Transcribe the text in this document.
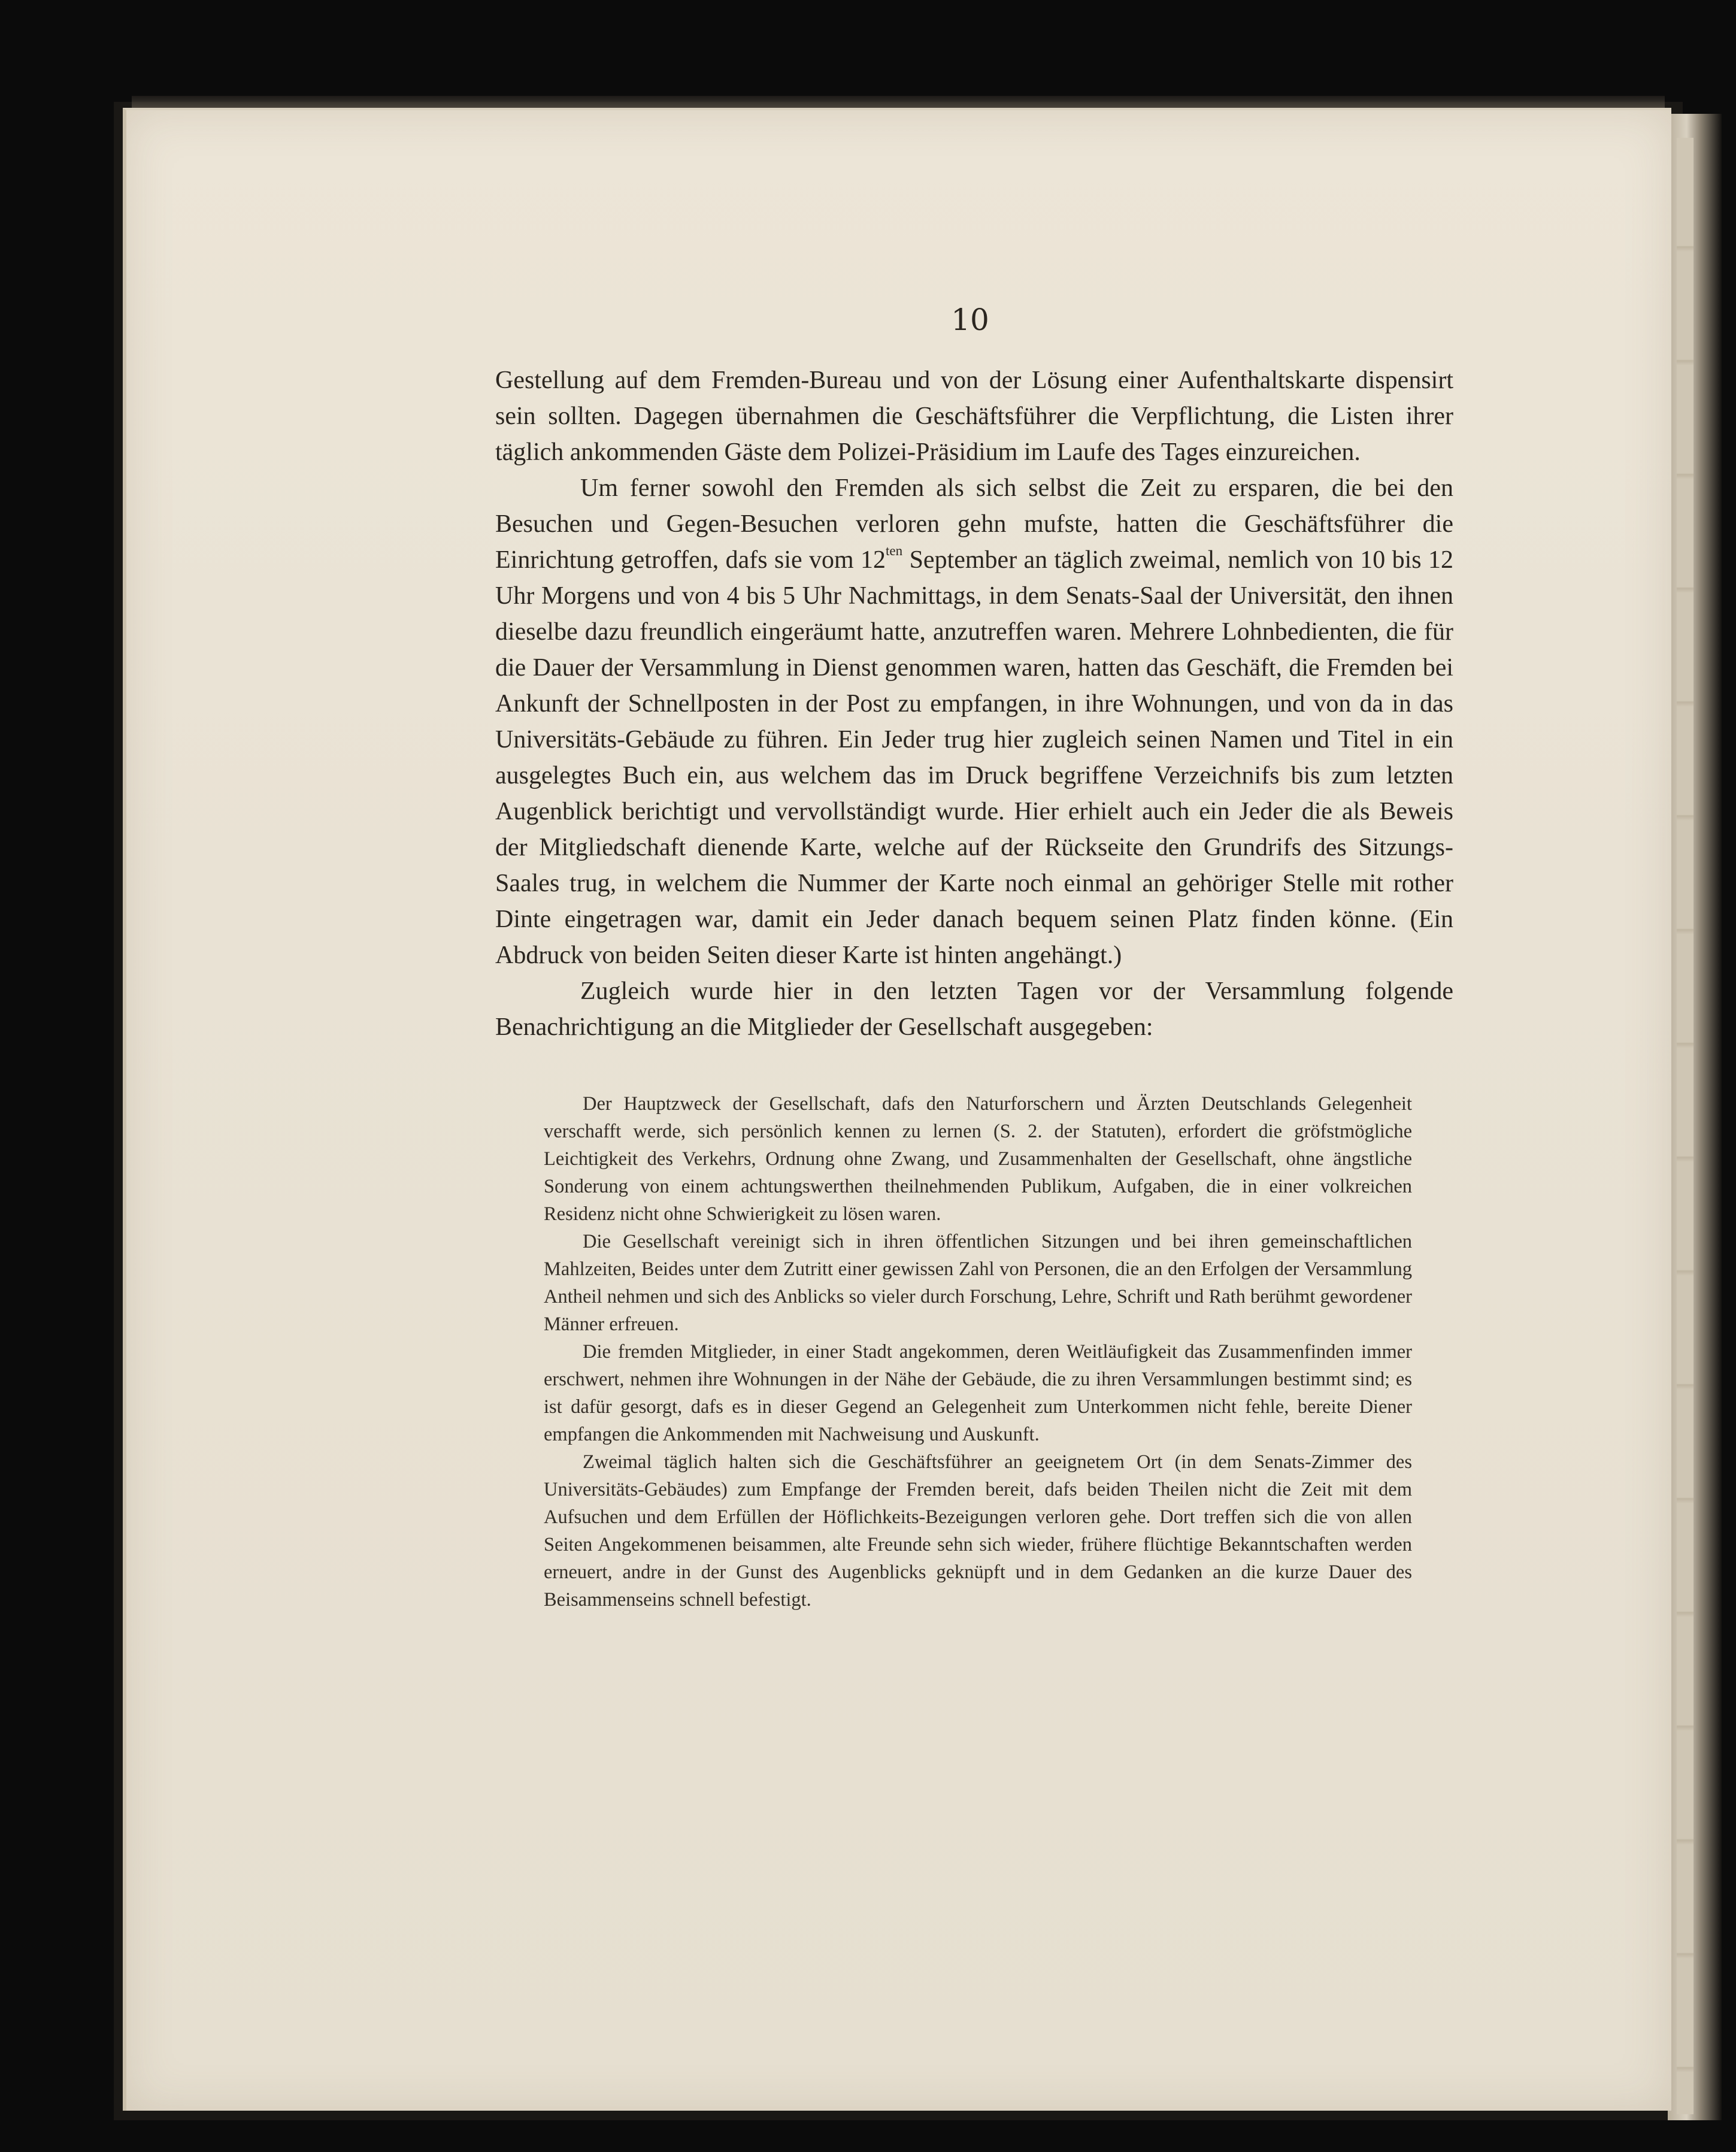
10

Gestellung auf dem Fremden-Bureau und von der Lösung einer Aufenthaltskarte dispensirt sein sollten. Dagegen übernahmen die Geschäftsführer die Verpflichtung, die Listen ihrer täglich ankommenden Gäste dem Polizei-Präsidium im Laufe des Tages einzureichen.

Um ferner sowohl den Fremden als sich selbst die Zeit zu ersparen, die bei den Besuchen und Gegen-Besuchen verloren gehn mufste, hatten die Geschäftsführer die Einrichtung getroffen, dafs sie vom $12^{ten}$ September an täglich zweimal, nemlich von 10 bis 12 Uhr Morgens und von 4 bis 5 Uhr Nachmittags, in dem Senats-Saal der Universität, den ihnen dieselbe dazu freundlich eingeräumt hatte, anzutreffen waren. Mehrere Lohnbedienten, die für die Dauer der Versammlung in Dienst genommen waren, hatten das Geschäft, die Fremden bei Ankunft der Schnellposten in der Post zu empfangen, in ihre Wohnungen, und von da in das Universitäts-Gebäude zu führen. Ein Jeder trug hier zugleich seinen Namen und Titel in ein ausgelegtes Buch ein, aus welchem das im Druck begriffene Verzeichnifs bis zum letzten Augenblick berichtigt und vervollständigt wurde. Hier erhielt auch ein Jeder die als Beweis der Mitgliedschaft dienende Karte, welche auf der Rückseite den Grundrifs des Sitzungs-Saales trug, in welchem die Nummer der Karte noch einmal an gehöriger Stelle mit rother Dinte eingetragen war, damit ein Jeder danach bequem seinen Platz finden könne. (Ein Abdruck von beiden Seiten dieser Karte ist hinten angehängt.)

Zugleich wurde hier in den letzten Tagen vor der Versammlung folgende Benachrichtigung an die Mitglieder der Gesellschaft ausgegeben:

Der Hauptzweck der Gesellschaft, dafs den Naturforschern und Ärzten Deutschlands Gelegenheit verschafft werde, sich persönlich kennen zu lernen (S. 2. der Statuten), erfordert die gröfstmögliche Leichtigkeit des Verkehrs, Ordnung ohne Zwang, und Zusammenhalten der Gesellschaft, ohne ängstliche Sonderung von einem achtungswerthen theilnehmenden Publikum, Aufgaben, die in einer volkreichen Residenz nicht ohne Schwierigkeit zu lösen waren.

Die Gesellschaft vereinigt sich in ihren öffentlichen Sitzungen und bei ihren gemeinschaftlichen Mahlzeiten, Beides unter dem Zutritt einer gewissen Zahl von Personen, die an den Erfolgen der Versammlung Antheil nehmen und sich des Anblicks so vieler durch Forschung, Lehre, Schrift und Rath berühmt gewordener Männer erfreuen.

Die fremden Mitglieder, in einer Stadt angekommen, deren Weitläufigkeit das Zusammenfinden immer erschwert, nehmen ihre Wohnungen in der Nähe der Gebäude, die zu ihren Versammlungen bestimmt sind; es ist dafür gesorgt, dafs es in dieser Gegend an Gelegenheit zum Unterkommen nicht fehle, bereite Diener empfangen die Ankommenden mit Nachweisung und Auskunft.

Zweimal täglich halten sich die Geschäftsführer an geeignetem Ort (in dem Senats-Zimmer des Universitäts-Gebäudes) zum Empfange der Fremden bereit, dafs beiden Theilen nicht die Zeit mit dem Aufsuchen und dem Erfüllen der Höflichkeits-Bezeigungen verloren gehe. Dort treffen sich die von allen Seiten Angekommenen beisammen, alte Freunde sehn sich wieder, frühere flüchtige Bekanntschaften werden erneuert, andre in der Gunst des Augenblicks geknüpft und in dem Gedanken an die kurze Dauer des Beisammenseins schnell befestigt.
